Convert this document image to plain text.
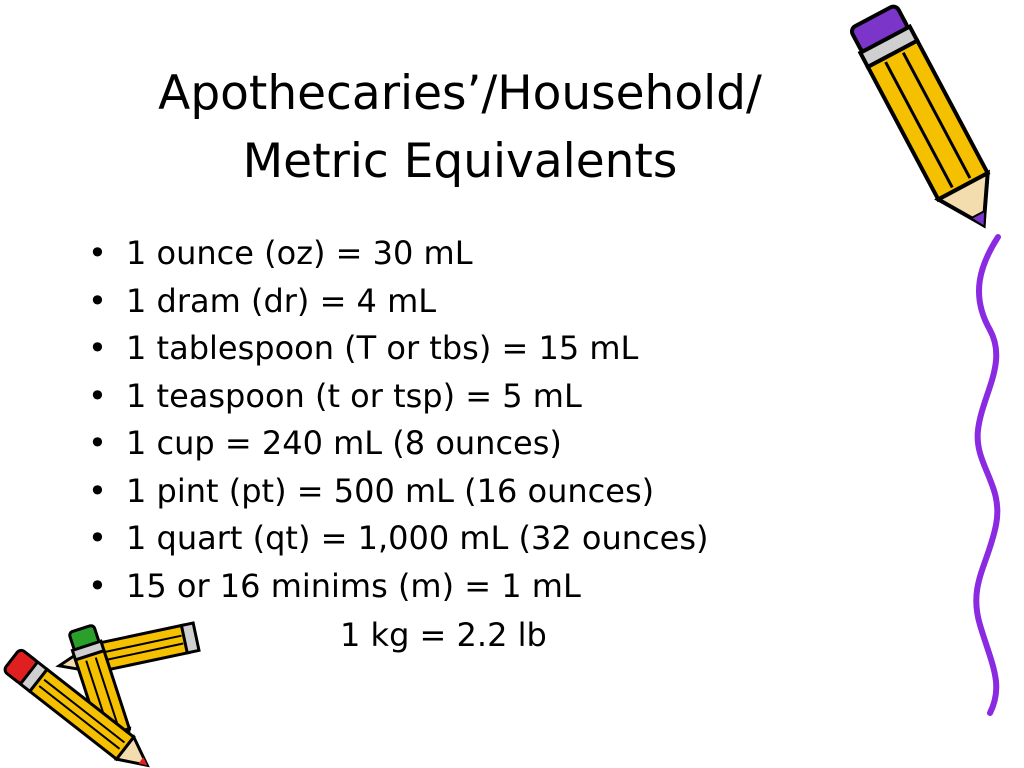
Apothecaries’/Household/
Metric Equivalents
• 1 ounce (oz) = 30 mL
• 1 dram (dr) = 4 mL
• 1 tablespoon (T or tbs) = 15 mL
• 1 teaspoon (t or tsp) = 5 mL
• 1 cup = 240 mL (8 ounces)
• 1 pint (pt) = 500 mL (16 ounces)
• 1 quart (qt) = 1,000 mL (32 ounces)
• 15 or 16 minims (m) = 1 mL
1 kg = 2.2 lb
